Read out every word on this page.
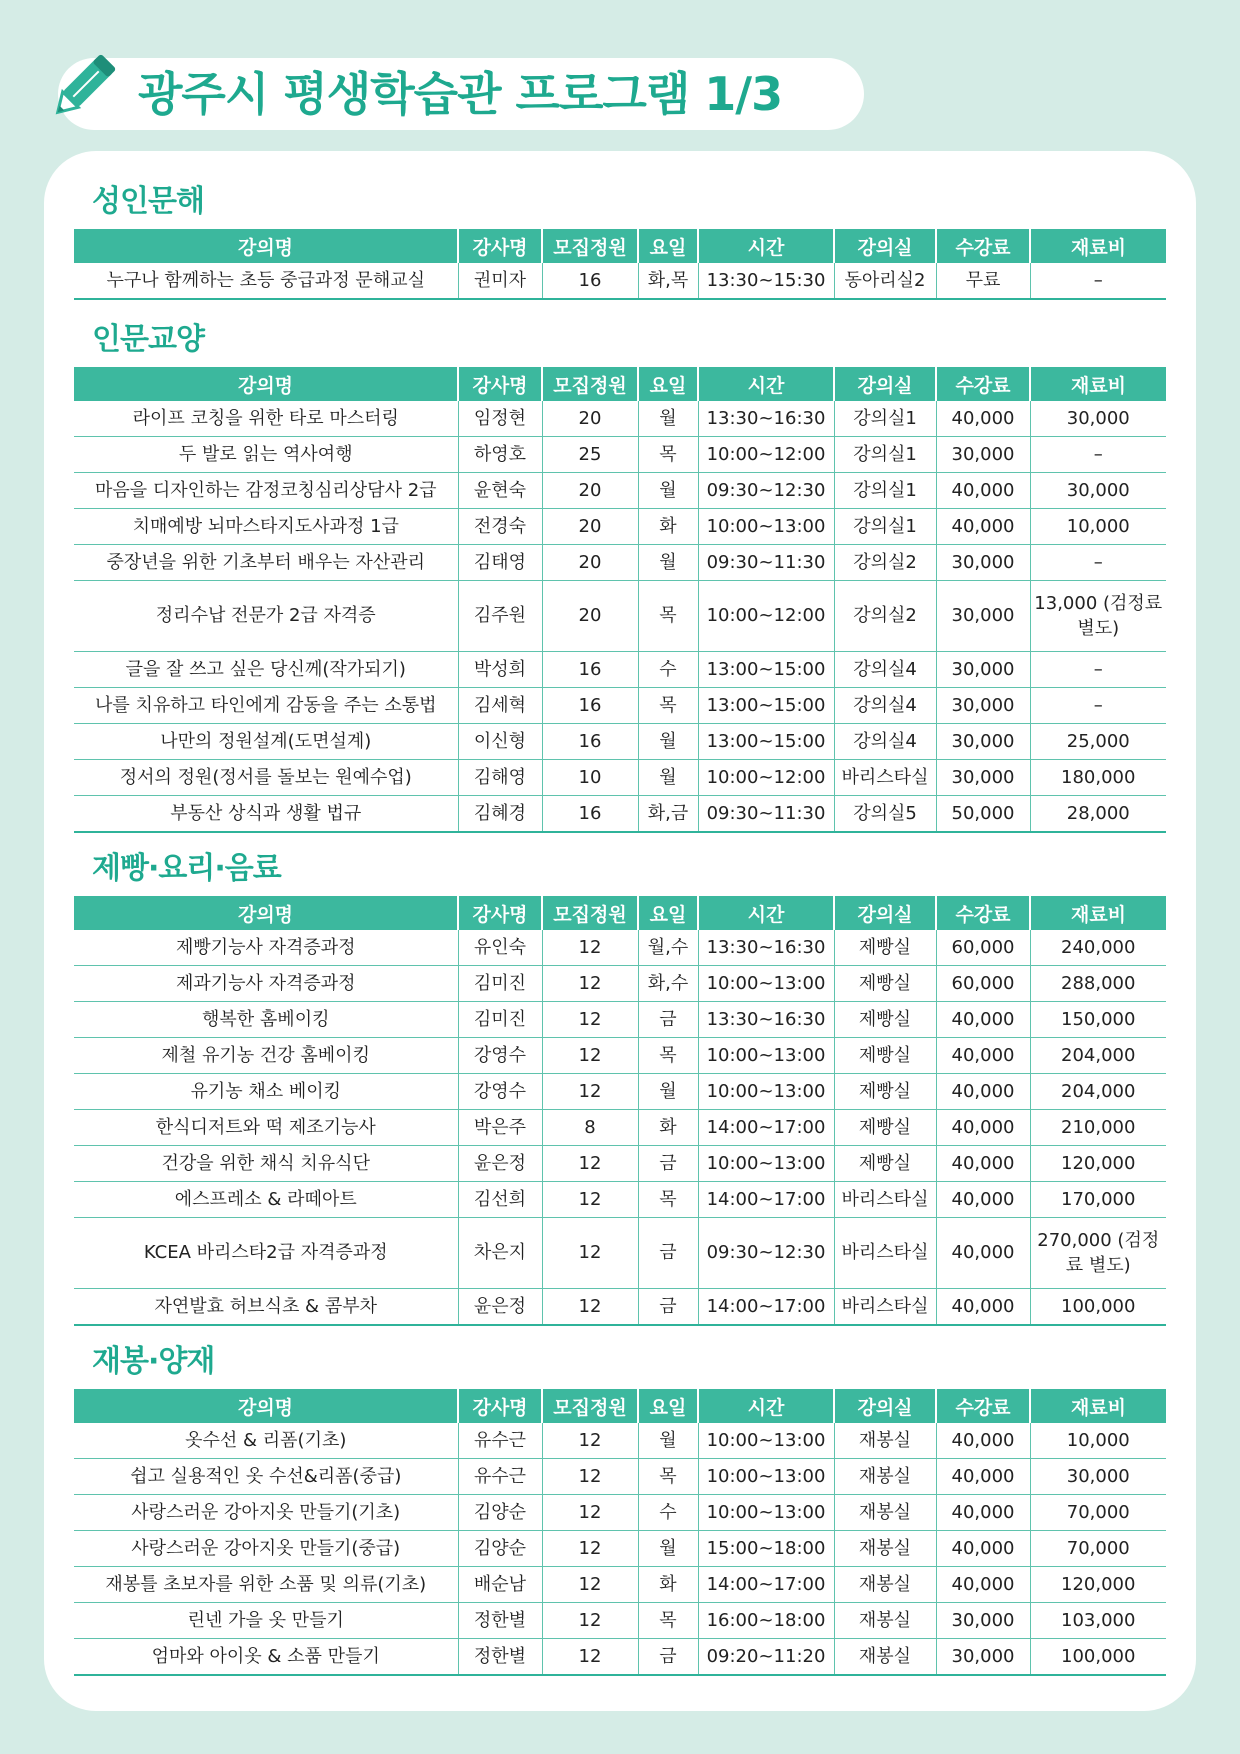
광주시 평생학습관 프로그램 1/3
성인문해
강의명	강사명	모집정원	요일	시간	강의실	수강료	재료비
누구나 함께하는 초등 중급과정 문해교실	권미자	16	화,목	13:30~15:30	동아리실2	무료	–
인문교양
강의명	강사명	모집정원	요일	시간	강의실	수강료	재료비
라이프 코칭을 위한 타로 마스터링	임정현	20	월	13:30~16:30	강의실1	40,000	30,000
두 발로 읽는 역사여행	하영호	25	목	10:00~12:00	강의실1	30,000	–
마음을 디자인하는 감정코칭심리상담사 2급	윤현숙	20	월	09:30~12:30	강의실1	40,000	30,000
치매예방 뇌마스타지도사과정 1급	전경숙	20	화	10:00~13:00	강의실1	40,000	10,000
중장년을 위한 기초부터 배우는 자산관리	김태영	20	월	09:30~11:30	강의실2	30,000	–
정리수납 전문가 2급 자격증	김주원	20	목	10:00~12:00	강의실2	30,000	13,000 (검정료 별도)
글을 잘 쓰고 싶은 당신께(작가되기)	박성희	16	수	13:00~15:00	강의실4	30,000	–
나를 치유하고 타인에게 감동을 주는 소통법	김세혁	16	목	13:00~15:00	강의실4	30,000	–
나만의 정원설계(도면설계)	이신형	16	월	13:00~15:00	강의실4	30,000	25,000
정서의 정원(정서를 돌보는 원예수업)	김해영	10	월	10:00~12:00	바리스타실	30,000	180,000
부동산 상식과 생활 법규	김혜경	16	화,금	09:30~11:30	강의실5	50,000	28,000
제빵·요리·음료
강의명	강사명	모집정원	요일	시간	강의실	수강료	재료비
제빵기능사 자격증과정	유인숙	12	월,수	13:30~16:30	제빵실	60,000	240,000
제과기능사 자격증과정	김미진	12	화,수	10:00~13:00	제빵실	60,000	288,000
행복한 홈베이킹	김미진	12	금	13:30~16:30	제빵실	40,000	150,000
제철 유기농 건강 홈베이킹	강영수	12	목	10:00~13:00	제빵실	40,000	204,000
유기농 채소 베이킹	강영수	12	월	10:00~13:00	제빵실	40,000	204,000
한식디저트와 떡 제조기능사	박은주	8	화	14:00~17:00	제빵실	40,000	210,000
건강을 위한 채식 치유식단	윤은정	12	금	10:00~13:00	제빵실	40,000	120,000
에스프레소 & 라떼아트	김선희	12	목	14:00~17:00	바리스타실	40,000	170,000
KCEA 바리스타2급 자격증과정	차은지	12	금	09:30~12:30	바리스타실	40,000	270,000 (검정료 별도)
자연발효 허브식초 & 콤부차	윤은정	12	금	14:00~17:00	바리스타실	40,000	100,000
재봉·양재
강의명	강사명	모집정원	요일	시간	강의실	수강료	재료비
옷수선 & 리폼(기초)	유수근	12	월	10:00~13:00	재봉실	40,000	10,000
쉽고 실용적인 옷 수선&리폼(중급)	유수근	12	목	10:00~13:00	재봉실	40,000	30,000
사랑스러운 강아지옷 만들기(기초)	김양순	12	수	10:00~13:00	재봉실	40,000	70,000
사랑스러운 강아지옷 만들기(중급)	김양순	12	월	15:00~18:00	재봉실	40,000	70,000
재봉틀 초보자를 위한 소품 및 의류(기초)	배순남	12	화	14:00~17:00	재봉실	40,000	120,000
린넨 가을 옷 만들기	정한별	12	목	16:00~18:00	재봉실	30,000	103,000
엄마와 아이옷 & 소품 만들기	정한별	12	금	09:20~11:20	재봉실	30,000	100,000
